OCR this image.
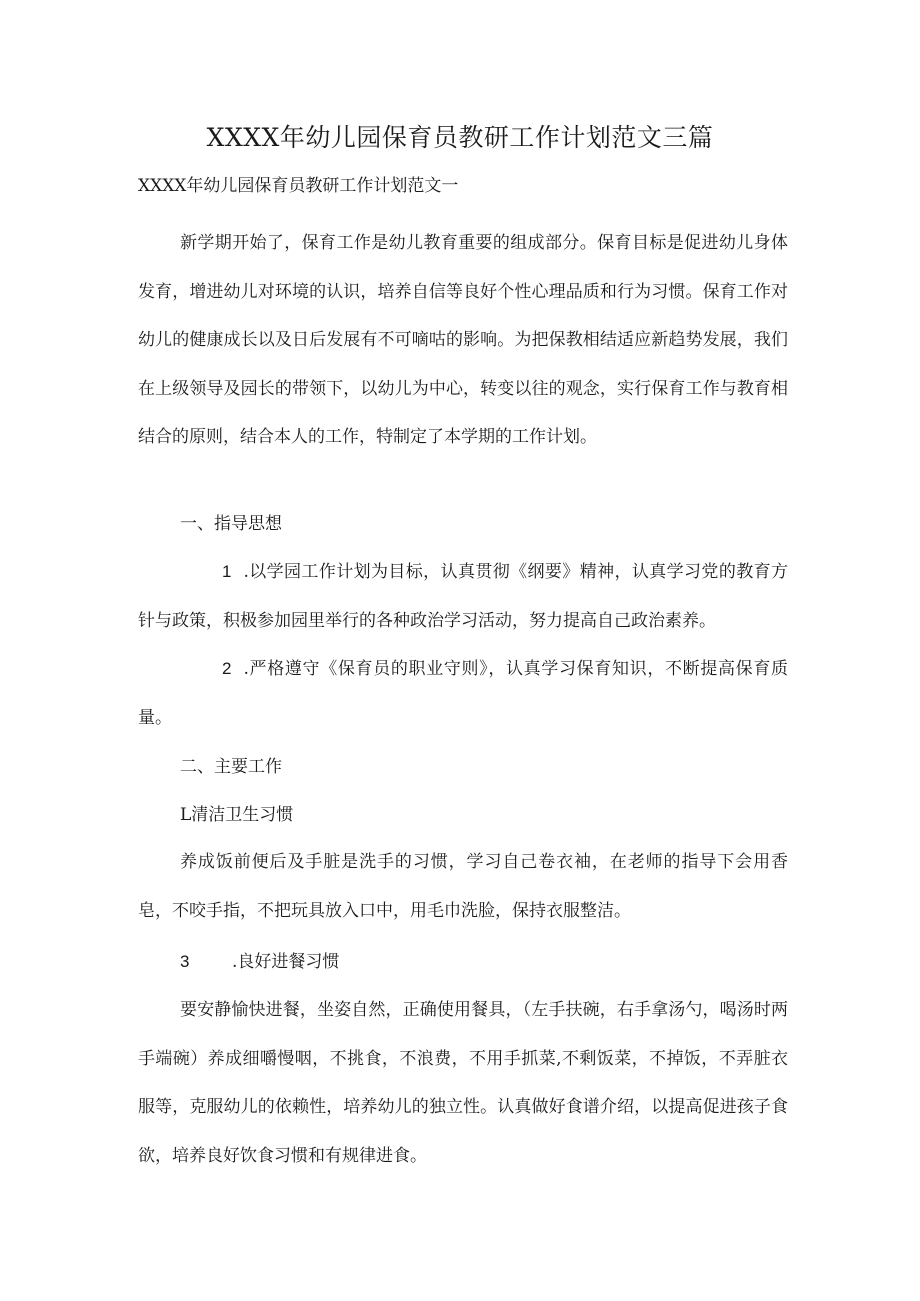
XXXX年幼儿园保育员教研工作计划范文三篇
XXXX年幼儿园保育员教研工作计划范文一

新学期开始了，保育工作是幼儿教育重要的组成部分。保育目标是促进幼儿身体发育，增进幼儿对环境的认识，培养自信等良好个性心理品质和行为习惯。保育工作对幼儿的健康成长以及日后发展有不可嘀咕的影响。为把保教相结适应新趋势发展，我们在上级领导及园长的带领下，以幼儿为中心，转变以往的观念，实行保育工作与教育相结合的原则，结合本人的工作，特制定了本学期的工作计划。

一、指导思想

1 .以学园工作计划为目标，认真贯彻《纲要》精神，认真学习党的教育方针与政策，积极参加园里举行的各种政治学习活动，努力提高自己政治素养。

2 .严格遵守《保育员的职业守则》，认真学习保育知识，不断提高保育质量。

二、主要工作
L清洁卫生习惯

养成饭前便后及手脏是洗手的习惯，学习自己卷衣袖，在老师的指导下会用香皂，不咬手指，不把玩具放入口中，用毛巾洗脸，保持衣服整洁。

3	.良好进餐习惯

要安静愉快进餐，坐姿自然，正确使用餐具，（左手扶碗，右手拿汤勺，喝汤时两手端碗）养成细嚼慢咽，不挑食，不浪费，不用手抓菜,不剩饭菜，不掉饭，不弄脏衣服等，克服幼儿的依赖性，培养幼儿的独立性。认真做好食谱介绍，以提高促进孩子食欲，培养良好饮食习惯和有规律进食。
